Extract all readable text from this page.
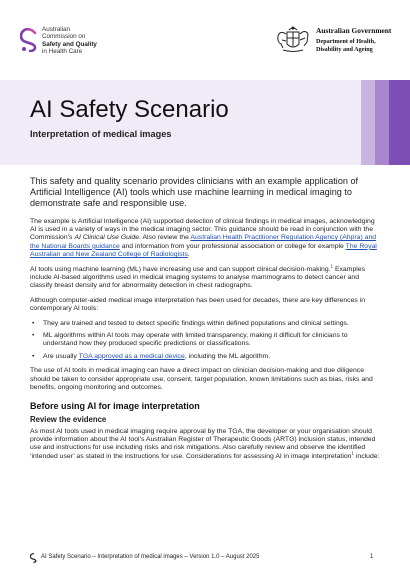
Australian
Commission on
Safety and Quality
in Health Care
Australian Government
Department of Health,
Disability and Ageing
AI Safety Scenario
Interpretation of medical images

This safety and quality scenario provides clinicians with an example application of Artificial Intelligence (AI) tools which use machine learning in medical imaging to demonstrate safe and responsible use.

The example is Artificial Intelligence (AI) supported detection of clinical findings in medical images, acknowledging AI is used in a variety of ways in the medical imaging sector. This guidance should be read in conjunction with the Commission’s AI Clinical Use Guide. Also review the Australian Health Practitioner Regulation Agency (Ahpra) and the National Boards guidance and information from your professional association or college for example The Royal Australian and New Zealand College of Radiologists.

AI tools using machine learning (ML) have increasing use and can support clinical decision-making.$^1$ Examples include AI-based algorithms used in medical imaging systems to analyse mammograms to detect cancer and classify breast density and for abnormality detection in chest radiographs.

Although computer-aided medical image interpretation has been used for decades, there are key differences in contemporary AI tools:

• They are trained and tested to detect specific findings within defined populations and clinical settings.
• ML algorithms within AI tools may operate with limited transparency, making it difficult for clinicians to understand how they produced specific predictions or classifications.
• Are usually TGA approved as a medical device, including the ML algorithm.

The use of AI tools in medical imaging can have a direct impact on clinician decision-making and due diligence should be taken to consider appropriate use, consent, target population, known limitations such as bias, risks and benefits, ongoing monitoring and outcomes.

Before using AI for image interpretation
Review the evidence

As most AI tools used in medical imaging require approval by the TGA, the developer or your organisation should provide information about the AI tool’s Australian Register of Therapeutic Goods (ARTG) inclusion status, intended use and instructions for use including risks and risk mitigations. Also carefully review and observe the identified ‘intended user’ as stated in the instructions for use. Considerations for assessing AI in image interpretation$^1$ include:

AI Safety Scenario – Interpretation of medical images – Version 1.0 – August 2025	1
